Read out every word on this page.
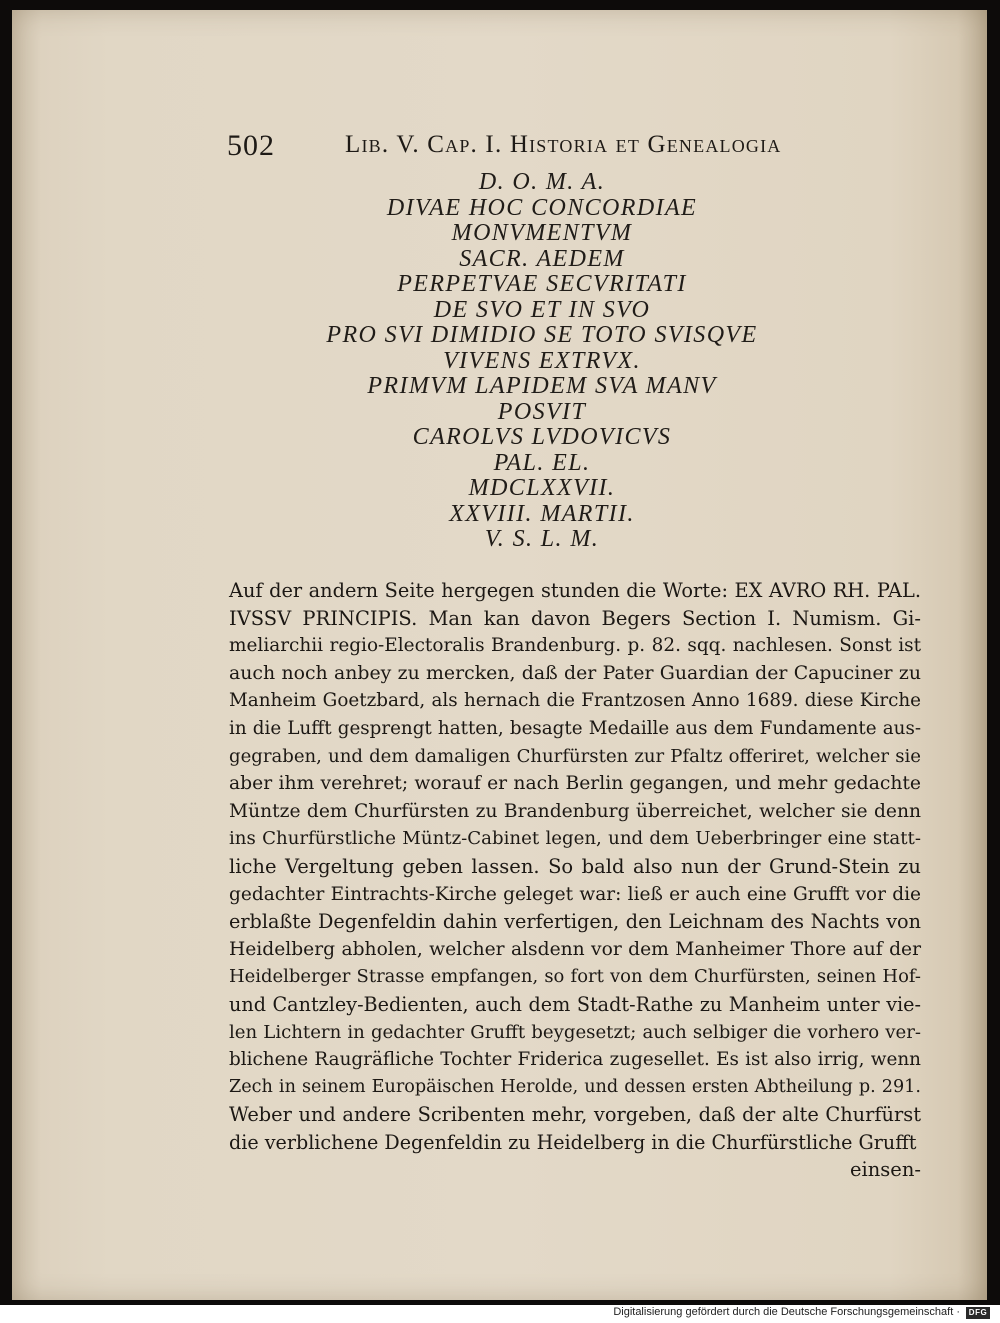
502	Lib. V. Cap. I. Historia et Genealogia
D. O. M. A.
DIVAE HOC CONCORDIAE
MONVMENTVM
SACR. AEDEM
PERPETVAE SECVRITATI
DE SVO ET IN SVO
PRO SVI DIMIDIO SE TOTO SVISQVE
VIVENS EXTRVX.
PRIMVM LAPIDEM SVA MANV
POSVIT
CAROLVS LVDOVICVS
PAL. EL.
MDCLXXVII.
XXVIII. MARTII.
V. S. L. M.
Auf der andern Seite hergegen stunden die Worte: EX AVRO RH. PAL.
IVSSV PRINCIPIS. Man kan davon Begers Section I. Numism. Gi-
meliarchii regio-Electoralis Brandenburg. p. 82. sqq. nachlesen. Sonst ist
auch noch anbey zu mercken, daß der Pater Guardian der Capuciner zu
Manheim Goetzbard, als hernach die Frantzosen Anno 1689. diese Kirche
in die Lufft gesprengt hatten, besagte Medaille aus dem Fundamente aus-
gegraben, und dem damaligen Churfürsten zur Pfaltz offeriret, welcher sie
aber ihm verehret; worauf er nach Berlin gegangen, und mehr gedachte
Müntze dem Churfürsten zu Brandenburg überreichet, welcher sie denn
ins Churfürstliche Müntz-Cabinet legen, und dem Ueberbringer eine statt-
liche Vergeltung geben lassen. So bald also nun der Grund-Stein zu
gedachter Eintrachts-Kirche geleget war: ließ er auch eine Grufft vor die
erblaßte Degenfeldin dahin verfertigen, den Leichnam des Nachts von
Heidelberg abholen, welcher alsdenn vor dem Manheimer Thore auf der
Heidelberger Strasse empfangen, so fort von dem Churfürsten, seinen Hof-
und Cantzley-Bedienten, auch dem Stadt-Rathe zu Manheim unter vie-
len Lichtern in gedachter Grufft beygesetzt; auch selbiger die vorhero ver-
blichene Raugräfliche Tochter Friderica zugesellet. Es ist also irrig, wenn
Zech in seinem Europäischen Herolde, und dessen ersten Abtheilung p. 291.
Weber und andere Scribenten mehr, vorgeben, daß der alte Churfürst
die verblichene Degenfeldin zu Heidelberg in die Churfürstliche Grufft
einsen-
Digitalisierung gefördert durch die Deutsche Forschungsgemeinschaft ·	DFG
